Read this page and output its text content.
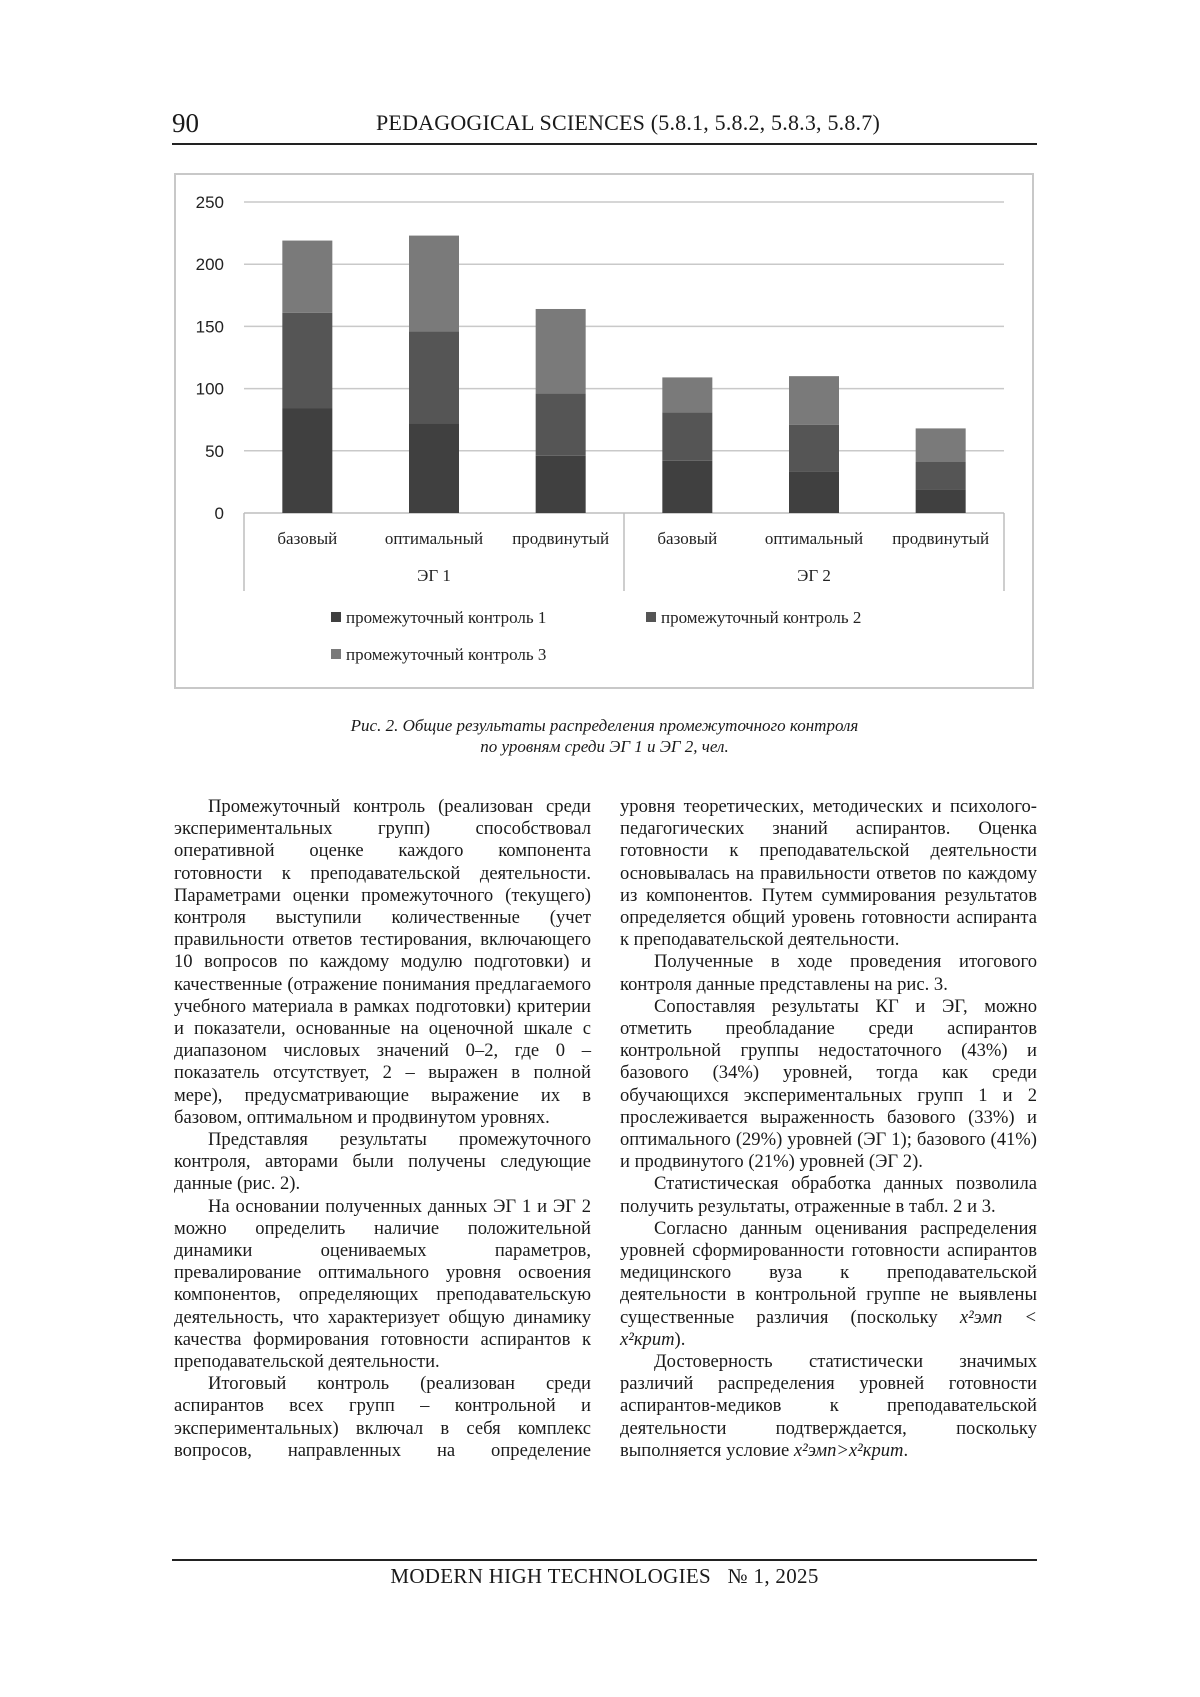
90	PEDAGOGICAL SCIENCES (5.8.1, 5.8.2, 5.8.3, 5.8.7)
0
50
100
150
200
250
базовый	оптимальный продвинутый	базовый	оптимальный продвинутый
ЭГ 1	ЭГ 2
промежуточный контроль 1	промежуточный контроль 2
промежуточный контроль 3
Рис. 2. Общие результаты распределения промежуточного контроля
по уровням среди ЭГ 1 и ЭГ 2, чел.

Промежуточный контроль (реализован среди экспериментальных групп) способствовал оперативной оценке каждого компонента готовности к преподавательской деятельности. Параметрами оценки промежуточного (текущего) контроля выступили количественные (учет правильности ответов тестирования, включающего 10 вопросов по каждому модулю подготовки) и качественные (отражение понимания предлагаемого учебного материала в рамках подготовки) критерии и показатели, основанные на оценочной шкале с диапазоном числовых значений 0–2, где 0 – показатель отсутствует, 2 – выражен в полной мере), предусматривающие выражение их в базовом, оптимальном и продвинутом уровнях.

Представляя результаты промежуточного контроля, авторами были получены следующие данные (рис. 2).

На основании полученных данных ЭГ 1 и ЭГ 2 можно определить наличие положительной динамики оцениваемых параметров, превалирование оптимального уровня освоения компонентов, определяющих преподавательскую деятельность, что характеризует общую динамику качества формирования готовности аспирантов к преподавательской деятельности.

Итоговый контроль (реализован среди аспирантов всех групп – контрольной и экспериментальных) включал в себя комплекс вопросов, направленных на определение

уровня теоретических, методических и психолого-педагогических знаний аспирантов. Оценка готовности к преподавательской деятельности основывалась на правильности ответов по каждому из компонентов. Путем суммирования результатов определяется общий уровень готовности аспиранта к преподавательской деятельности.

Полученные в ходе проведения итогового контроля данные представлены на рис. 3.

Сопоставляя результаты КГ и ЭГ, можно отметить преобладание среди аспирантов контрольной группы недостаточного (43%) и базового (34%) уровней, тогда как среди обучающихся экспериментальных групп 1 и 2 прослеживается выраженность базового (33%) и оптимального (29%) уровней (ЭГ 1); базового (41%) и продвинутого (21%) уровней (ЭГ 2).

Статистическая обработка данных позволила получить результаты, отраженные в табл. 2 и 3.

Согласно данным оценивания распределения уровней сформированности готовности аспирантов медицинского вуза к преподавательской деятельности в контрольной группе не выявлены существенные различия (поскольку x²эмп < x²крит).

Достоверность статистически значимых различий распределения уровней готовности аспирантов-медиков к преподавательской деятельности подтверждается, поскольку выполняется условие x²эмп>x²крит.

MODERN HIGH TECHNOLOGIES   № 1, 2025
